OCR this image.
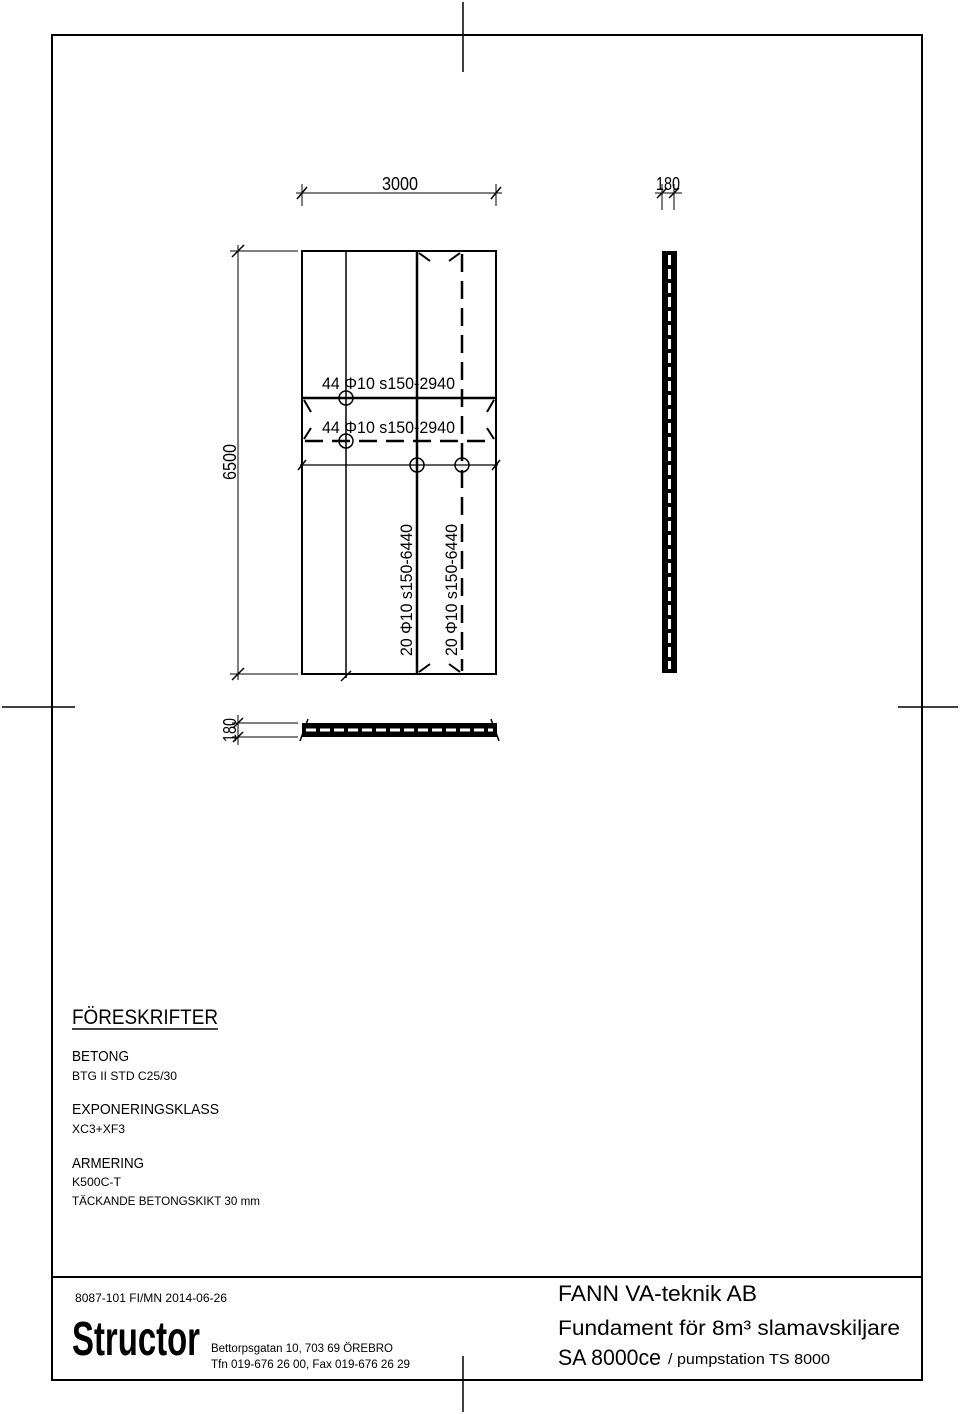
3000	180
6500
44 Φ10 s150-2940
44 Φ10 s150-2940
20 Φ10 s150-6440 20 Φ10 s150-6440
180
FÖRESKRIFTER
BETONG
BTG II STD C25/30
EXPONERINGSKLASS
XC3+XF3
ARMERING
K500C-T
TÄCKANDE BETONGSKIKT 30 mm
8087-101 FI/MN 2014-06-26
Structor Bettorpsgatan 10, 703 69 ÖREBRO
Tfn 019-676 26 00, Fax 019-676 26 29
FANN VA-teknik AB
Fundament för 8m³ slamavskiljare
SA 8000ce / pumpstation TS 8000
